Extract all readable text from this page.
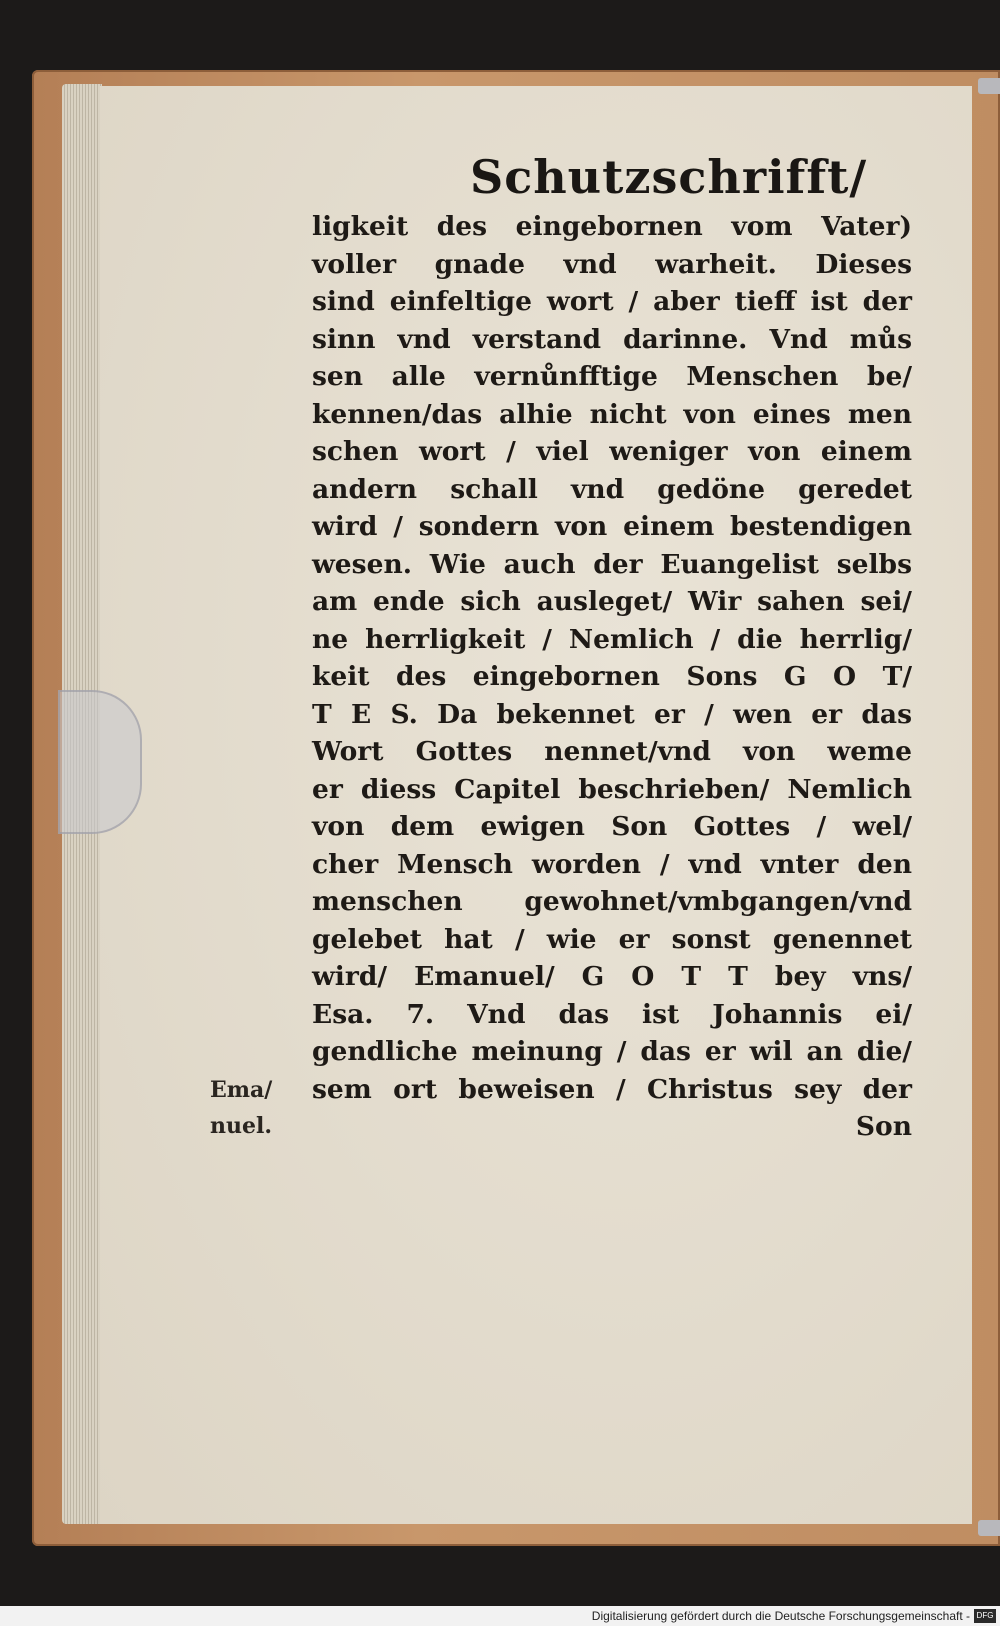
Schutzschrifft/
ligkeit des eingebornen vom Vater)
voller gnade vnd warheit. Dieses
sind einfeltige wort / aber tieff ist der
sinn vnd verstand darinne. Vnd můs
sen alle vernůnfftige Menschen be/
kennen/das alhie nicht von eines men
schen wort / viel weniger von einem
andern schall vnd gedöne geredet
wird / sondern von einem bestendigen
wesen. Wie auch der Euangelist selbs
am ende sich ausleget/ Wir sahen sei/
ne herrligkeit / Nemlich / die herrlig/
keit des eingebornen Sons G O T/
T E S. Da bekennet er / wen er das
Wort Gottes nennet/vnd von weme
er diess Capitel beschrieben/ Nemlich
von dem ewigen Son Gottes / wel/
cher Mensch worden / vnd vnter den
menschen gewohnet/vmbgangen/vnd
gelebet hat / wie er sonst genennet
wird/ Emanuel/ G O T T bey vns/
Esa. 7. Vnd das ist Johannis ei/
gendliche meinung / das er wil an die/
sem ort beweisen / Christus sey der
Son
Ema/
nuel.
Digitalisierung gefördert durch die Deutsche Forschungsgemeinschaft - DFG
